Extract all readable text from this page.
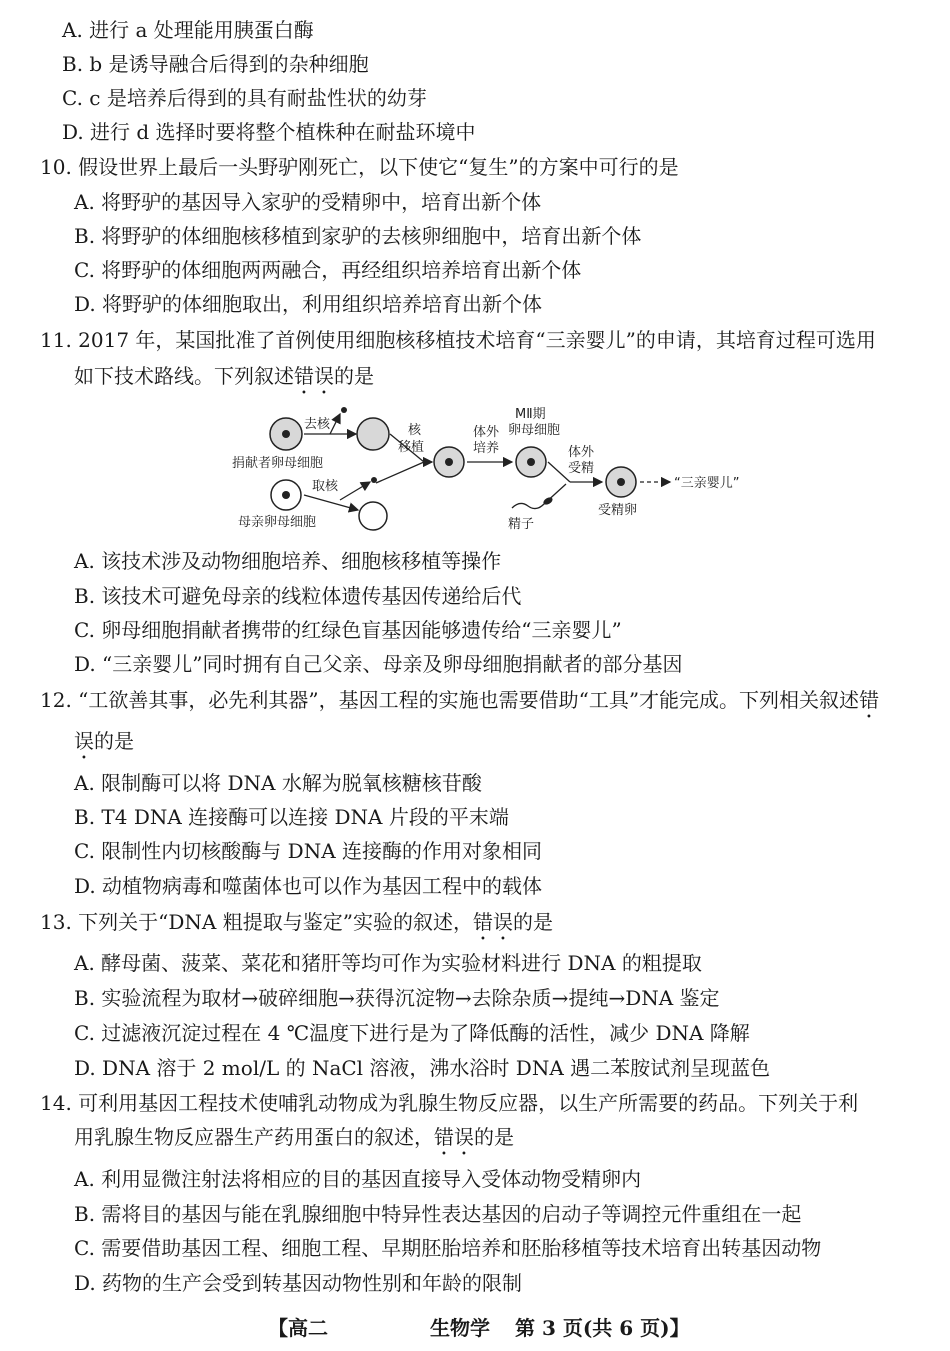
A. 进行 a 处理能用胰蛋白酶
B. b 是诱导融合后得到的杂种细胞
C. c 是培养后得到的具有耐盐性状的幼芽
D. 进行 d 选择时要将整个植株种在耐盐环境中
10. 假设世界上最后一头野驴刚死亡，以下使它“复生”的方案中可行的是
A. 将野驴的基因导入家驴的受精卵中，培育出新个体
B. 将野驴的体细胞核移植到家驴的去核卵细胞中，培育出新个体
C. 将野驴的体细胞两两融合，再经组织培养培育出新个体
D. 将野驴的体细胞取出，利用组织培养培育出新个体
11. 2017 年，某国批准了首例使用细胞核移植技术培育“三亲婴儿”的申请，其培育过程可选用
如下技术路线。下列叙述错误的是
捐献者卵母细胞
去核
母亲卵母细胞
取核
核
移植
体外
培养
MⅡ期
卵母细胞
精子
体外
受精
受精卵
“三亲婴儿”
A. 该技术涉及动物细胞培养、细胞核移植等操作
B. 该技术可避免母亲的线粒体遗传基因传递给后代
C. 卵母细胞捐献者携带的红绿色盲基因能够遗传给“三亲婴儿”
D. “三亲婴儿”同时拥有自己父亲、母亲及卵母细胞捐献者的部分基因
12. “工欲善其事，必先利其器”，基因工程的实施也需要借助“工具”才能完成。下列相关叙述错
误的是
A. 限制酶可以将 DNA 水解为脱氧核糖核苷酸
B. T4 DNA 连接酶可以连接 DNA 片段的平末端
C. 限制性内切核酸酶与 DNA 连接酶的作用对象相同
D. 动植物病毒和噬菌体也可以作为基因工程中的载体
13. 下列关于“DNA 粗提取与鉴定”实验的叙述，错误的是
A. 酵母菌、菠菜、菜花和猪肝等均可作为实验材料进行 DNA 的粗提取
B. 实验流程为取材→破碎细胞→获得沉淀物→去除杂质→提纯→DNA 鉴定
C. 过滤液沉淀过程在 4 ℃温度下进行是为了降低酶的活性，减少 DNA 降解
D. DNA 溶于 2 mol/L 的 NaCl 溶液，沸水浴时 DNA 遇二苯胺试剂呈现蓝色
14. 可利用基因工程技术使哺乳动物成为乳腺生物反应器，以生产所需要的药品。下列关于利
用乳腺生物反应器生产药用蛋白的叙述，错误的是
A. 利用显微注射法将相应的目的基因直接导入受体动物受精卵内
B. 需将目的基因与能在乳腺细胞中特异性表达基因的启动子等调控元件重组在一起
C. 需要借助基因工程、细胞工程、早期胚胎培养和胚胎移植等技术培育出转基因动物
D. 药物的生产会受到转基因动物性别和年龄的限制
【高二	生物学 第 3 页(共 6 页)】
